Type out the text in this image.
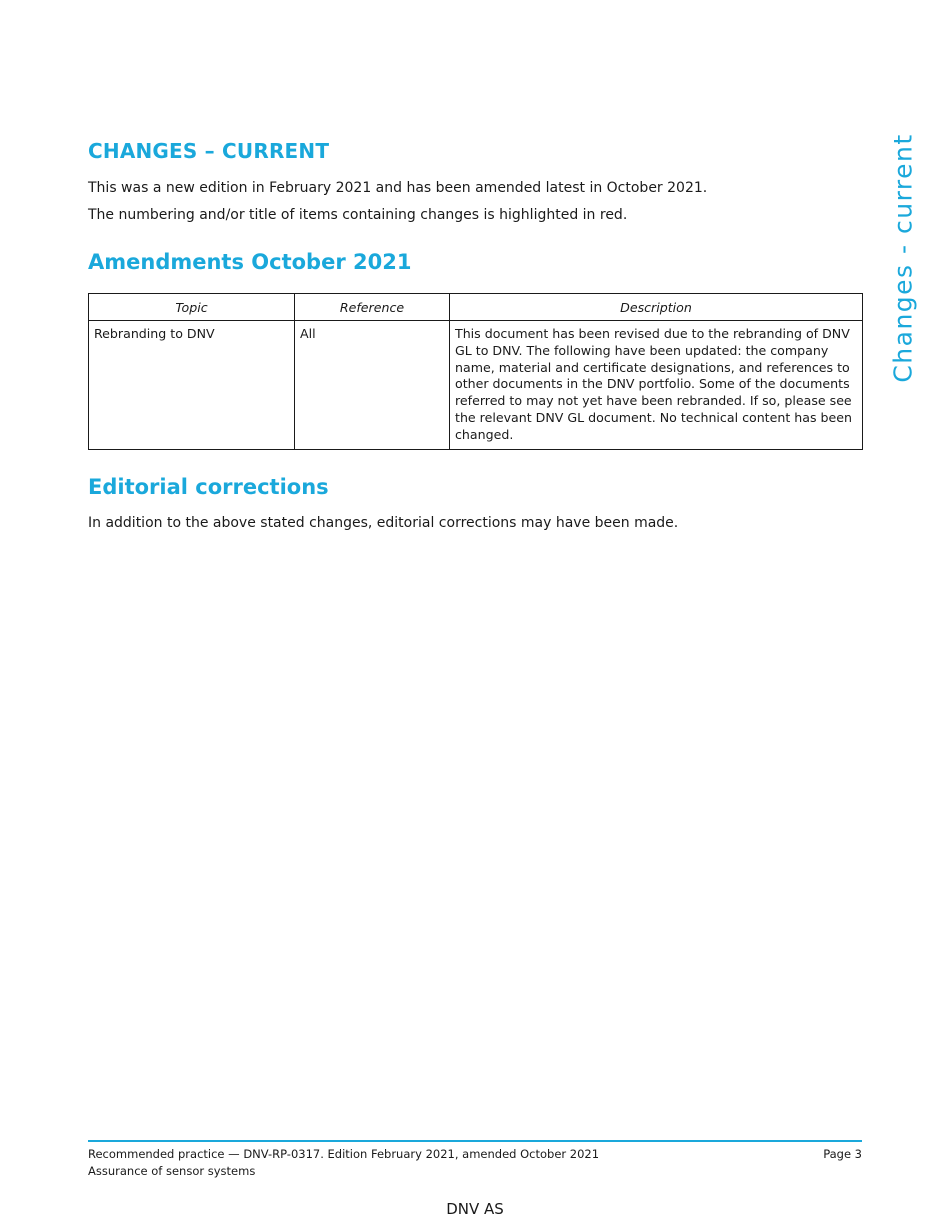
CHANGES – CURRENT

This was a new edition in February 2021 and has been amended latest in October 2021.

The numbering and/or title of items containing changes is highlighted in red.

Amendments October 2021
Topic	Reference	Description
Rebranding to DNV	All	This document has been revised due to the rebranding of DNV GL to DNV. The following have been updated: the company name, material and certificate designations, and references to other documents in the DNV portfolio. Some of the documents referred to may not yet have been rebranded. If so, please see the relevant DNV GL document. No technical content has been changed.
Editorial corrections

In addition to the above stated changes, editorial corrections may have been made.

Changes - current

Recommended practice — DNV-RP-0317. Edition February 2021, amended October 2021

Assurance of sensor systems

Page 3

DNV AS
